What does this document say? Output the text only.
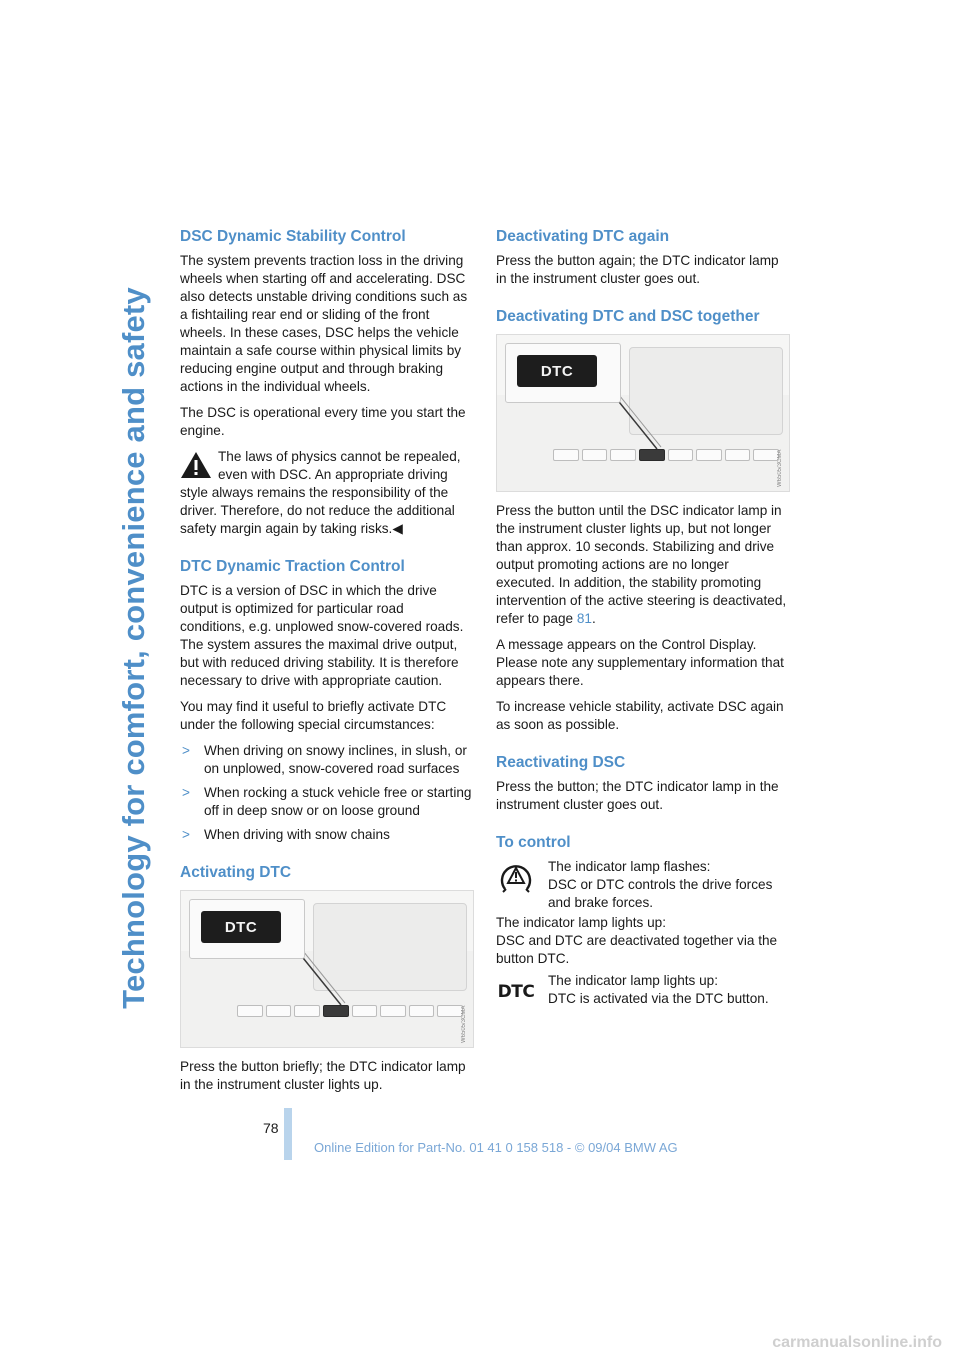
Technology for comfort, convenience and safety
DSC Dynamic Stability Control

The system prevents traction loss in the driving wheels when starting off and accelerating. DSC also detects unstable driving conditions such as a fishtailing rear end or sliding of the front wheels. In these cases, DSC helps the vehicle maintain a safe course within physical limits by reducing engine output and through braking actions in the individual wheels.

The DSC is operational every time you start the engine.

The laws of physics cannot be repealed, even with DSC. An appropriate driving style always remains the responsibility of the driver. Therefore, do not reduce the additional safety margin again by taking risks.◀

DTC Dynamic Traction Control

DTC is a version of DSC in which the drive output is optimized for particular road conditions, e.g. unplowed snow-covered roads. The system assures the maximal drive output, but with reduced driving stability. It is therefore necessary to drive with appropriate caution.

You may find it useful to briefly activate DTC under the following special circumstances:

> When driving on snowy inclines, in slush, or on unplowed, snow-covered road surfaces
> When rocking a stuck vehicle free or starting off in deep snow or on loose ground
> When driving with snow chains
Activating DTC
DTC
W6505/3CMA

Press the button briefly; the DTC indicator lamp in the instrument cluster lights up.

Deactivating DTC again

Press the button again; the DTC indicator lamp in the instrument cluster goes out.

Deactivating DTC and DSC together
DTC
W6505/3CMA

Press the button until the DSC indicator lamp in the instrument cluster lights up, but not longer than approx. 10 seconds. Stabilizing and drive output promoting actions are no longer executed. In addition, the stability promoting intervention of the active steering is deactivated, refer to page 81.

A message appears on the Control Display. Please note any supplementary information that appears there.

To increase vehicle stability, activate DSC again as soon as possible.

Reactivating DSC

Press the button; the DTC indicator lamp in the instrument cluster goes out.

To control

The indicator lamp flashes:

DSC or DTC controls the drive forces and brake forces.

The indicator lamp lights up:

DSC and DTC are deactivated together via the button DTC.

DTC

The indicator lamp lights up:

DTC is activated via the DTC button.

78
Online Edition for Part-No. 01 41 0 158 518 - © 09/04 BMW AG
carmanualsonline.info
